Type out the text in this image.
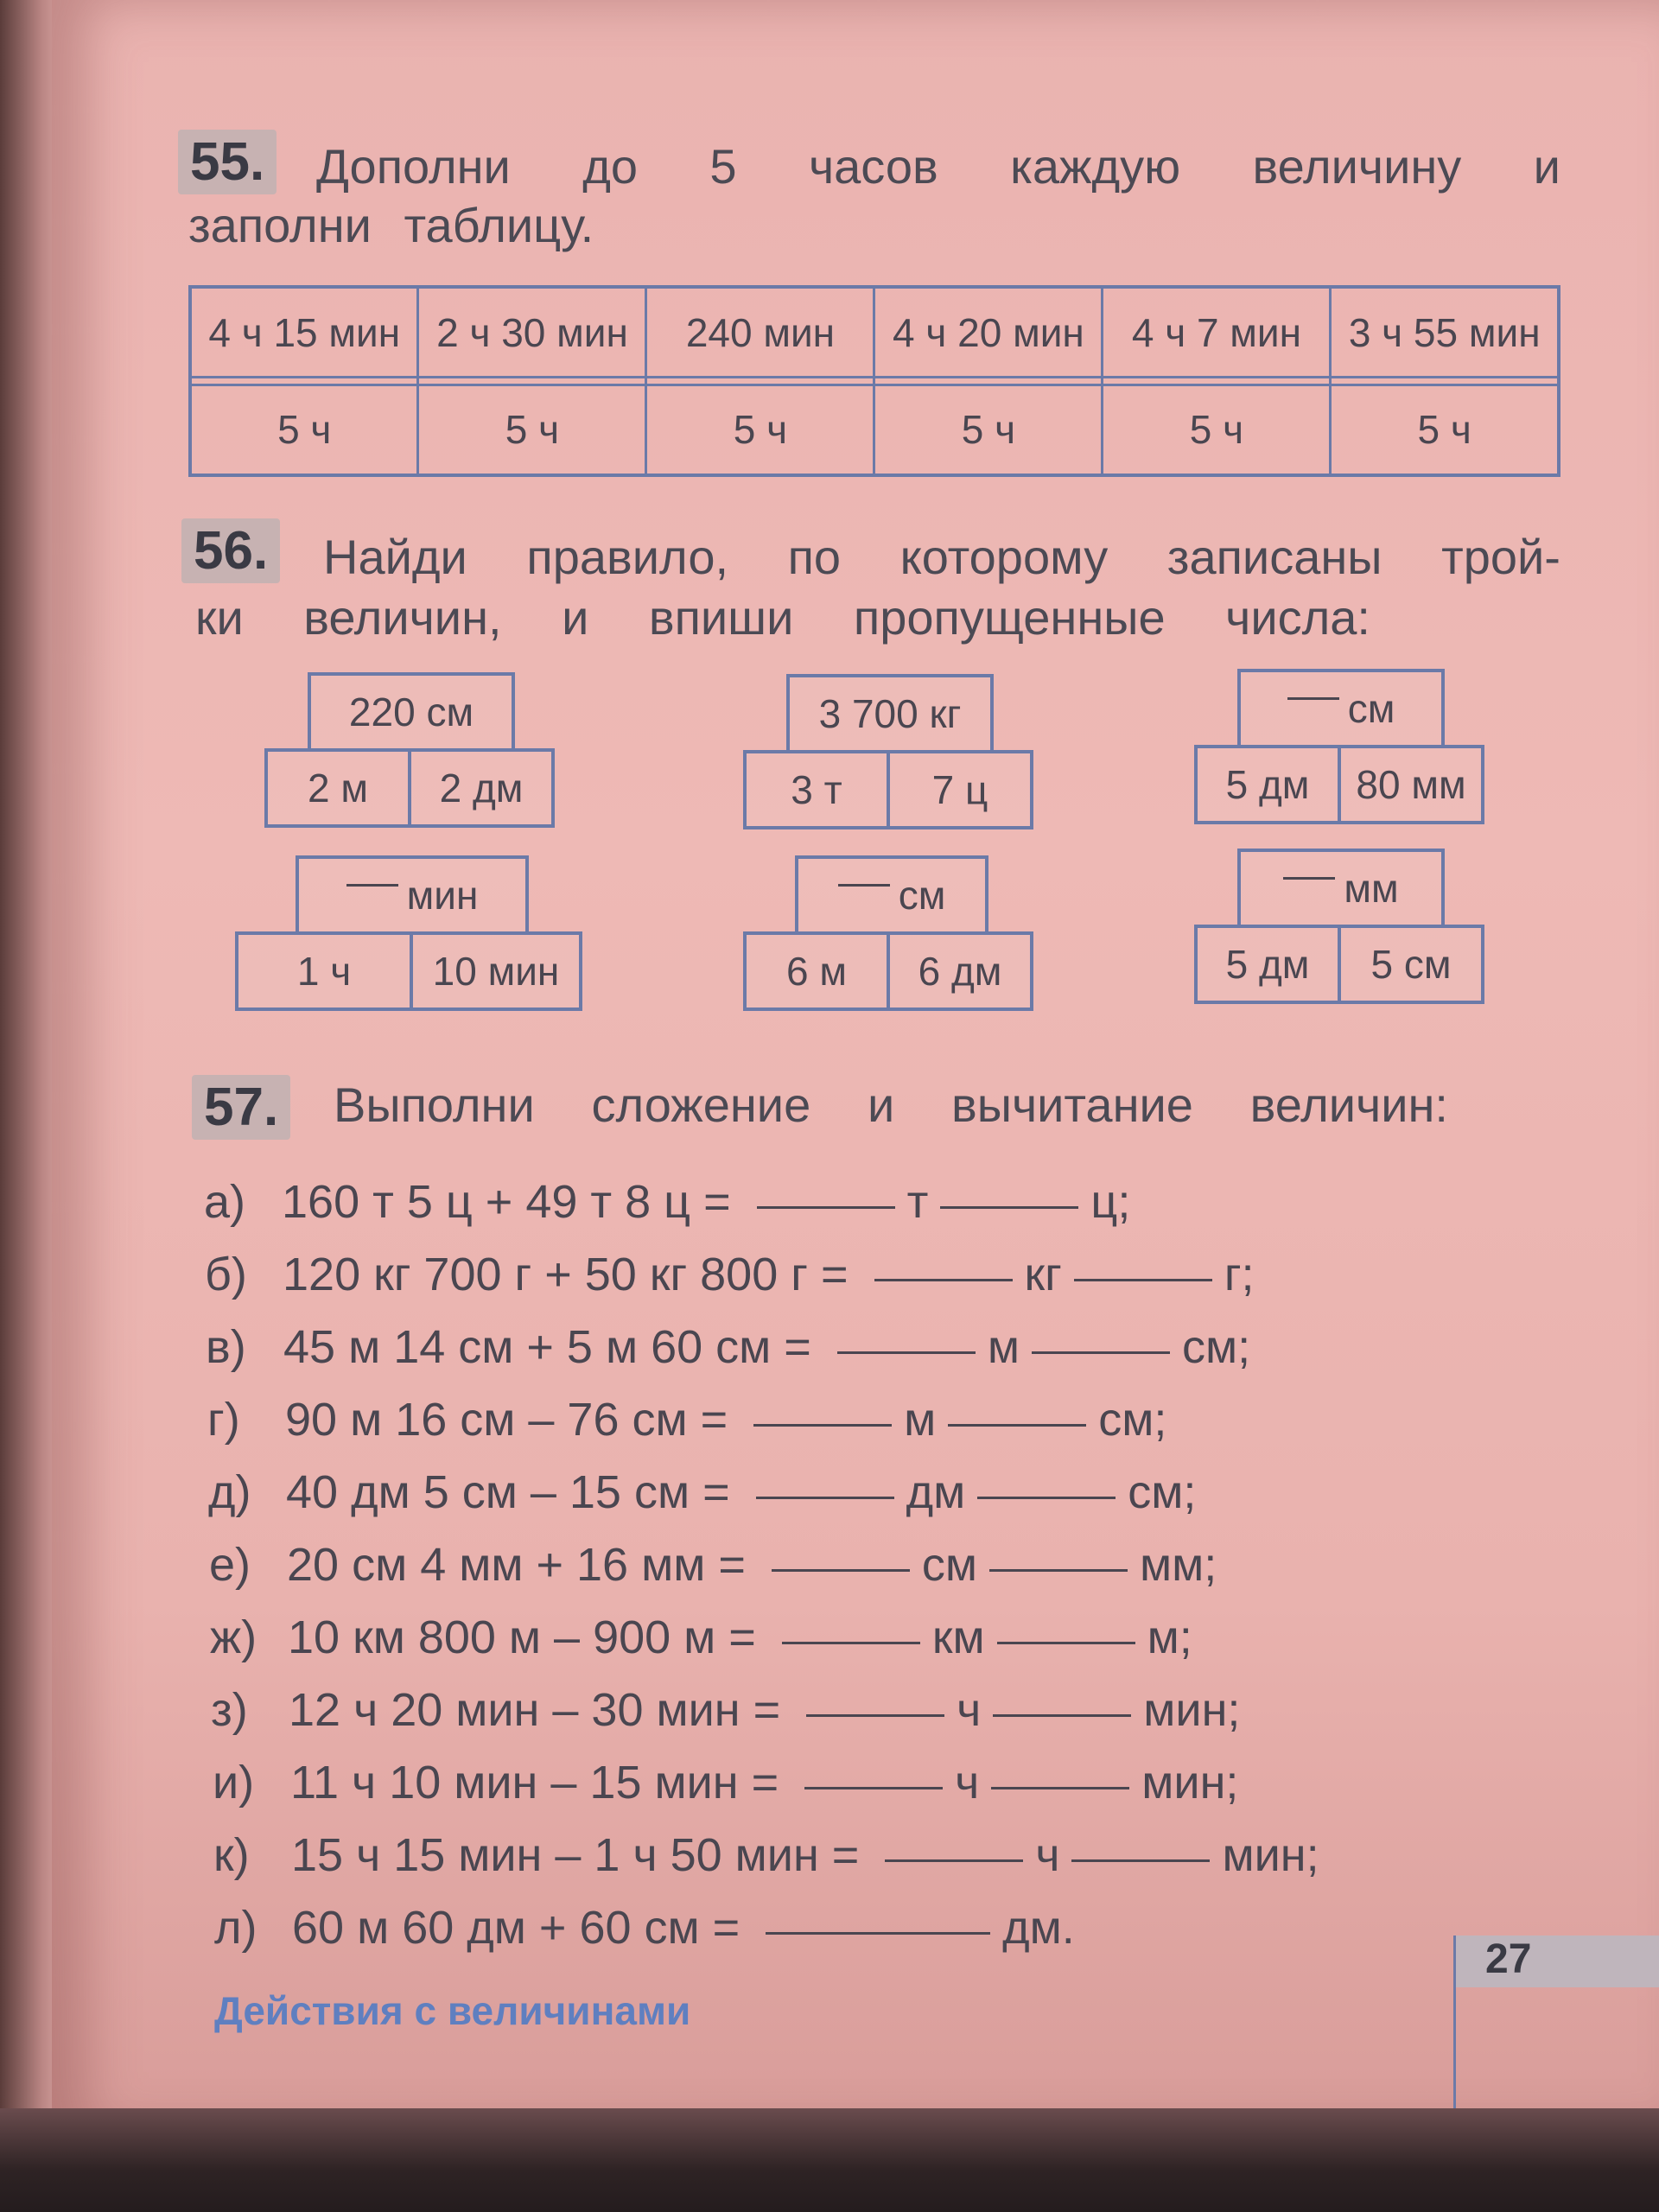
55. Дополни до 5 часов каждую величину и
заполни таблицу.
4 ч 15 мин	2 ч 30 мин	240 мин	4 ч 20 мин	4 ч 7 мин	3 ч 55 мин

5 ч	5 ч	5 ч	5 ч	5 ч	5 ч
56. Найди правило, по которому записаны трой-
ки величин, и впиши пропущенные числа:
220 см
2 м	2 дм
3 700 кг
3 т	7 ц
см
5 дм	80 мм
мин
1 ч	10 мин
см
6 м	6 дм
мм
5 дм	5 см
57. Выполни сложение и вычитание величин:
а) 160 т 5 ц + 49 т 8 ц =	т	ц;
б) 120 кг 700 г + 50 кг 800 г =	кг	г;
в) 45 м 14 см + 5 м 60 см =	м	см;
г) 90 м 16 см – 76 см =	м	см;
д) 40 дм 5 см – 15 см =	дм	см;
е) 20 см 4 мм + 16 мм =	см	мм;
ж) 10 км 800 м – 900 м =	км	м;
з) 12 ч 20 мин – 30 мин =	ч	мин;
и) 11 ч 10 мин – 15 мин =	ч	мин;
к) 15 ч 15 мин – 1 ч 50 мин =	ч	мин;
л) 60 м 60 дм + 60 см =	дм.
Действия с величинами
27
